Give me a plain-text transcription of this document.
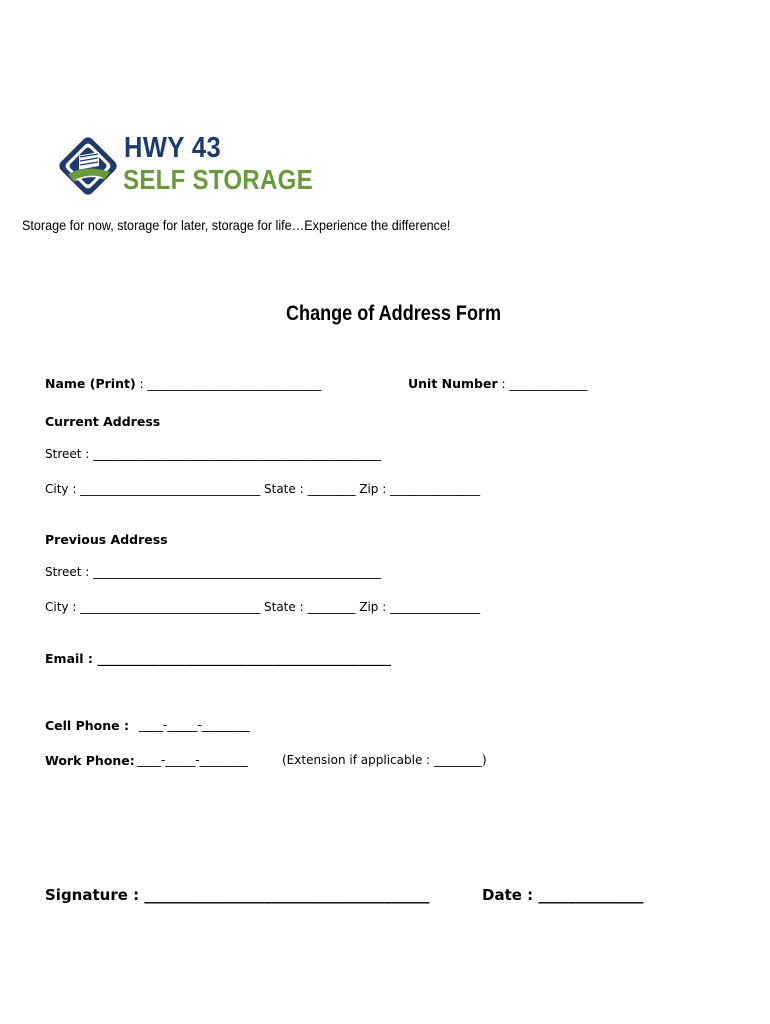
HWY 43
SELF STORAGE
Storage for now, storage for later, storage for life…Experience the difference!
Change of Address Form
Name (Print) : _____________________________	Unit Number : _____________
Current Address
Street : ________________________________________________
City : ______________________________ State : ________ Zip : _______________
Previous Address
Street : ________________________________________________
City : ______________________________ State : ________ Zip : _______________
Email : _______________________________________________
Cell Phone : ____-_____-________
Work Phone: ____-_____-________	(Extension if applicable : ________)
Signature : ______________________________________	Date : ______________
